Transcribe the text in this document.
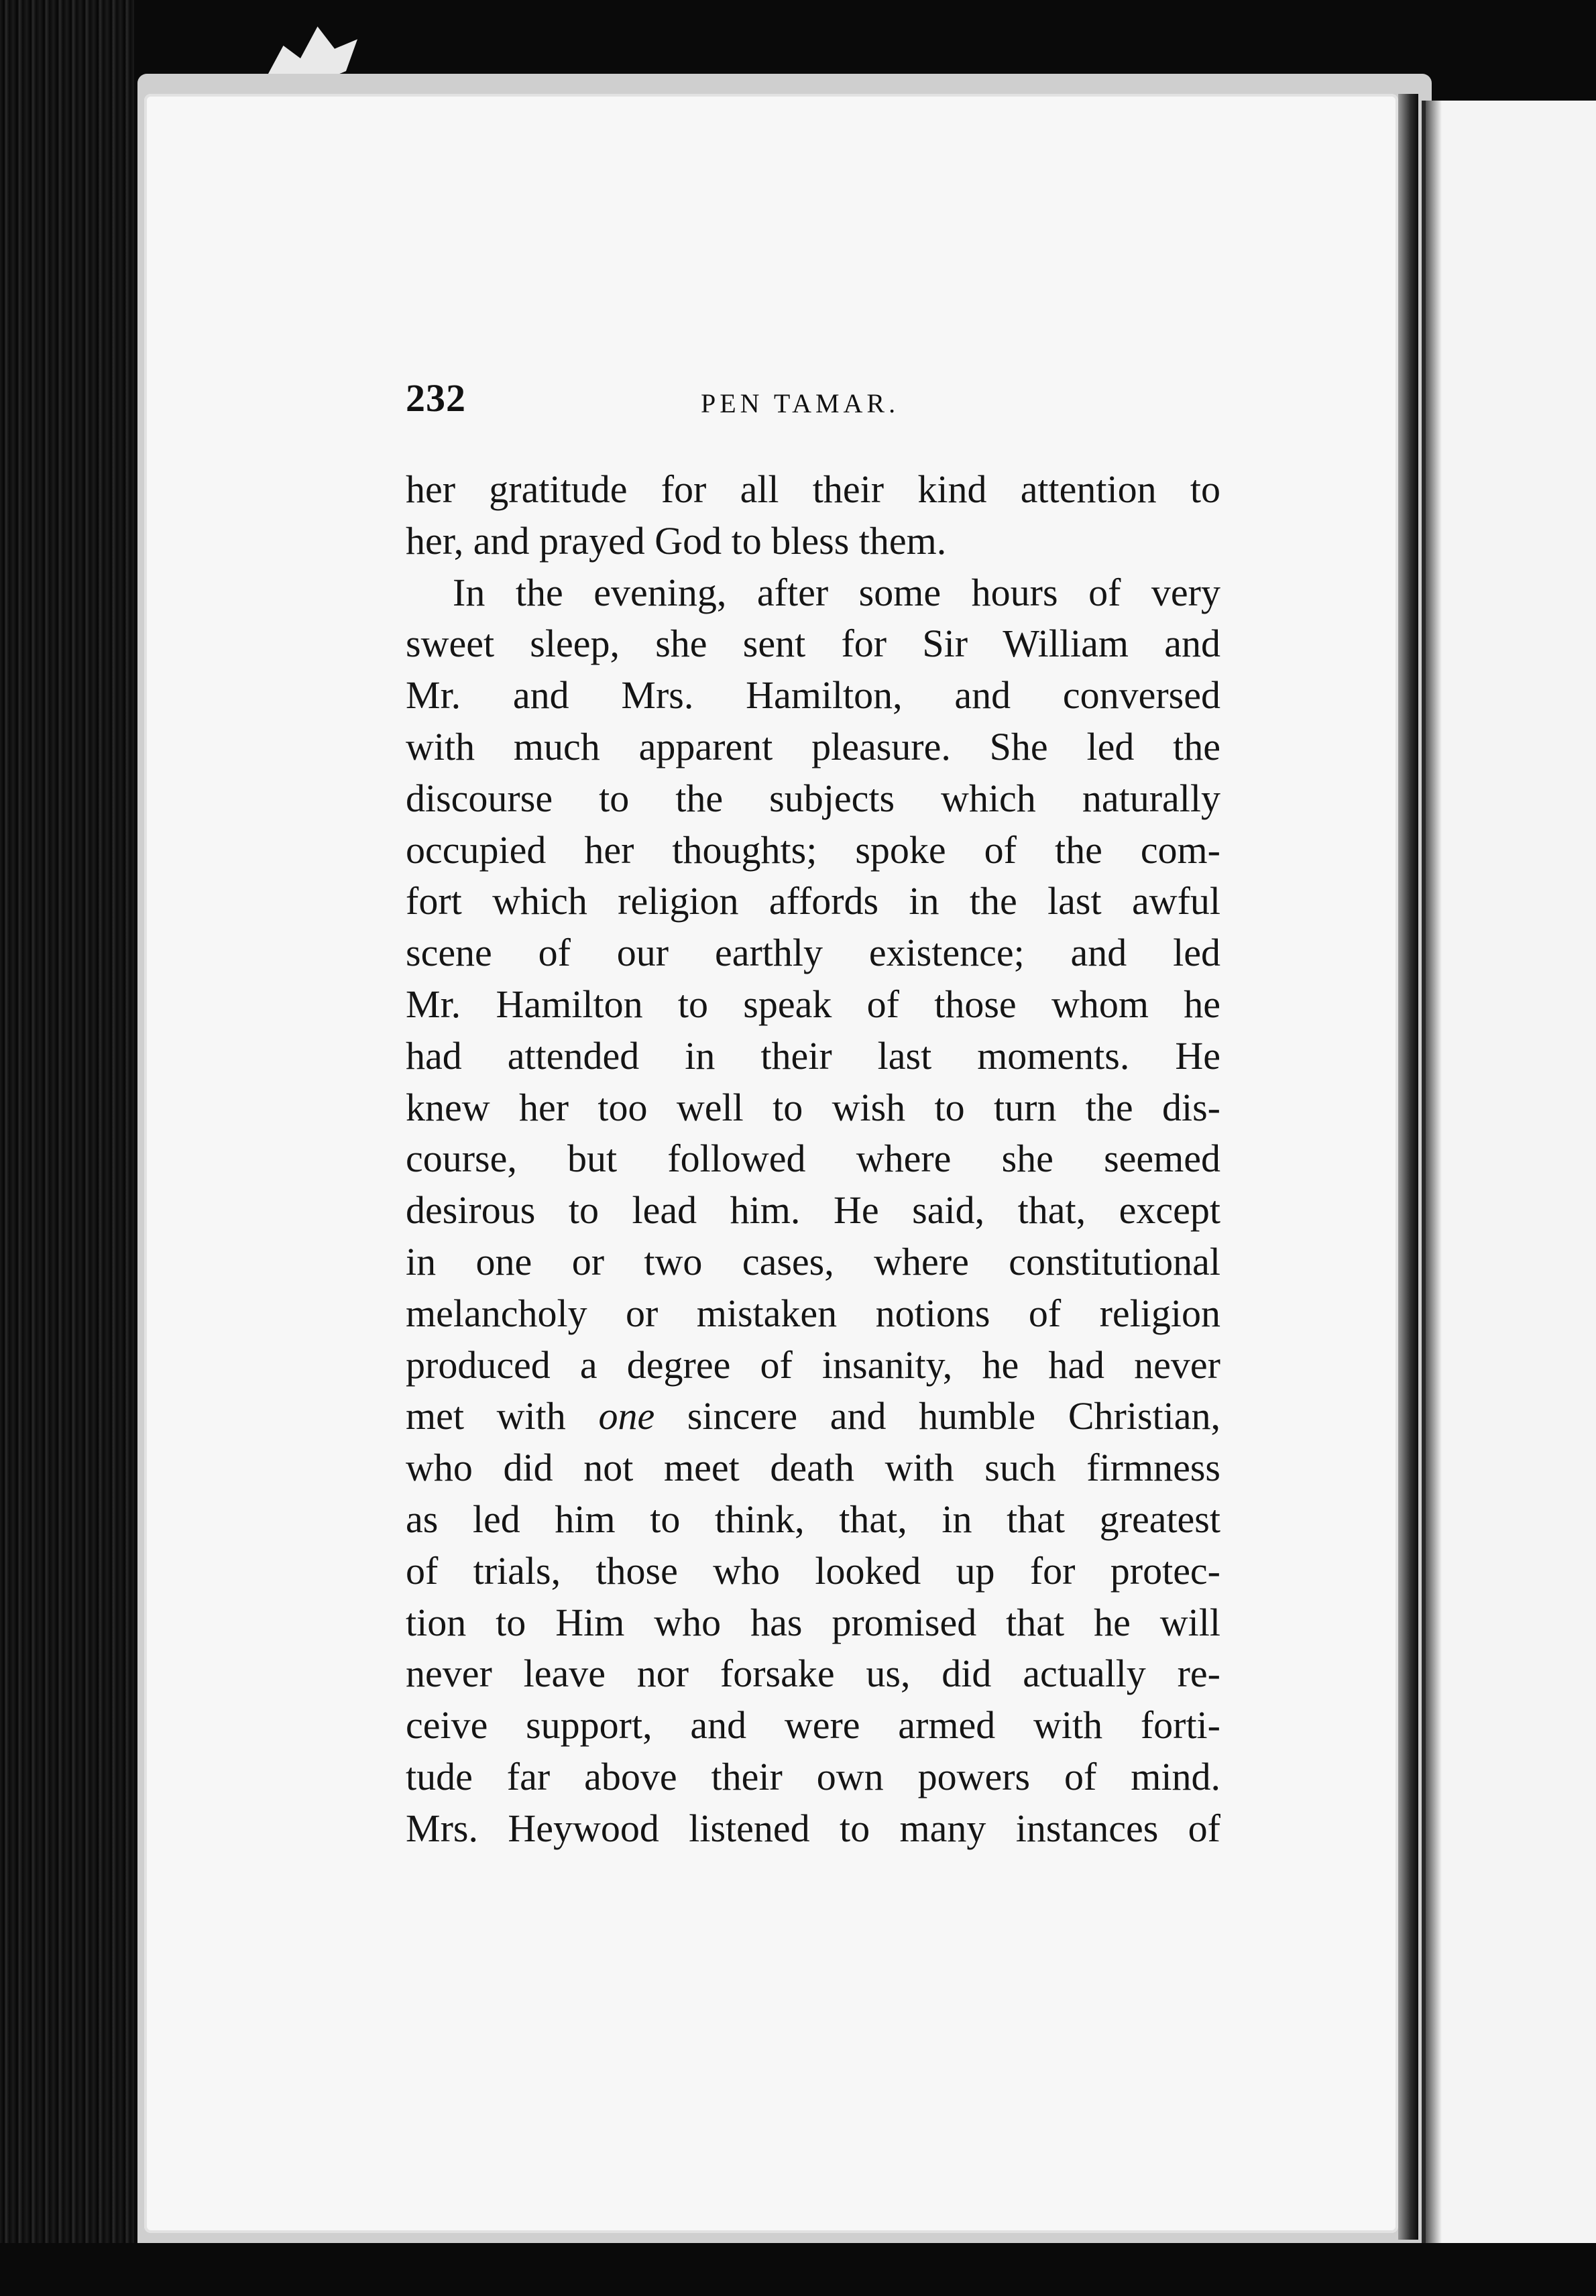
232	PEN TAMAR.
her gratitude for all their kind attention to
her, and prayed God to bless them.
In the evening, after some hours of very
sweet sleep, she sent for Sir William and
Mr. and Mrs. Hamilton, and conversed
with much apparent pleasure. She led the
discourse to the subjects which naturally
occupied her thoughts; spoke of the com-
fort which religion affords in the last awful
scene of our earthly existence; and led
Mr. Hamilton to speak of those whom he
had attended in their last moments. He
knew her too well to wish to turn the dis-
course, but followed where she seemed
desirous to lead him. He said, that, except
in one or two cases, where constitutional
melancholy or mistaken notions of religion
produced a degree of insanity, he had never
met with one sincere and humble Christian,
who did not meet death with such firmness
as led him to think, that, in that greatest
of trials, those who looked up for protec-
tion to Him who has promised that he will
never leave nor forsake us, did actually re-
ceive support, and were armed with forti-
tude far above their own powers of mind.
Mrs. Heywood listened to many instances of
